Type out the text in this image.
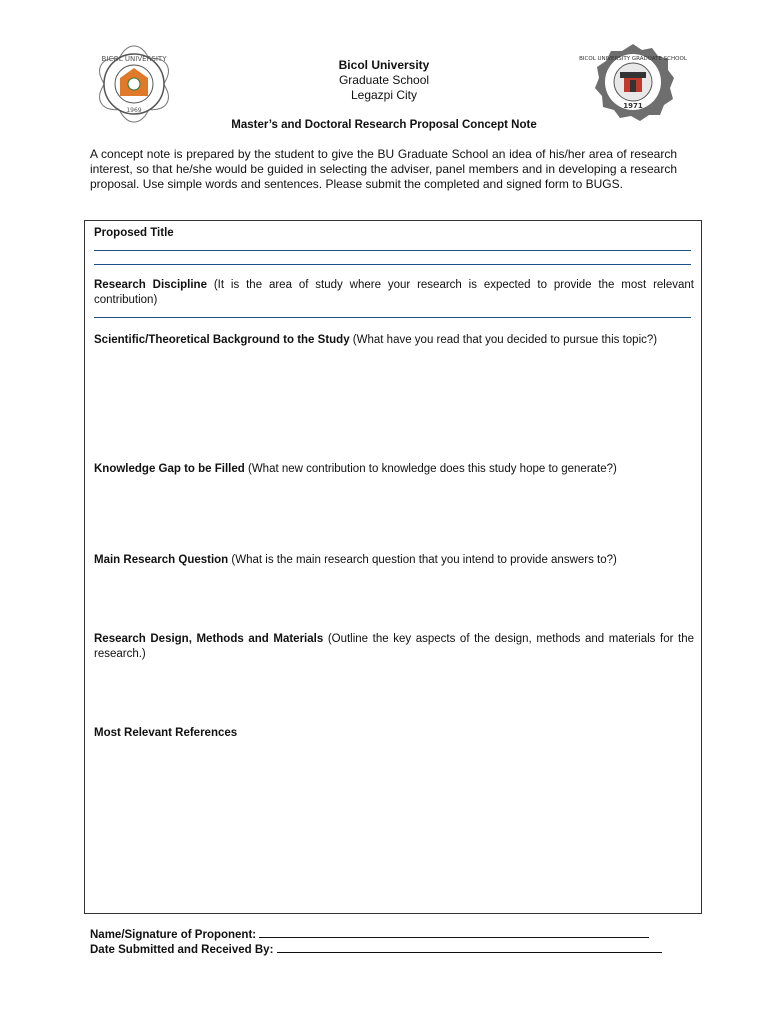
BICOL UNIVERSITY
1969
BICOL UNIVERSITY GRADUATE SCHOOL
1971
Bicol University
Graduate School
Legazpi City
Master’s and Doctoral Research Proposal Concept Note
A concept note is prepared by the student to give the BU Graduate School an idea of his/her area of research interest, so that he/she would be guided in selecting the adviser, panel members and in developing a research proposal. Use simple words and sentences. Please submit the completed and signed form to BUGS.
Proposed Title
Research Discipline (It is the area of study where your research is expected to provide the most relevant contribution)
Scientific/Theoretical Background to the Study (What have you read that you decided to pursue this topic?)
Knowledge Gap to be Filled (What new contribution to knowledge does this study hope to generate?)
Main Research Question (What is the main research question that you intend to provide answers to?)
Research Design, Methods and Materials (Outline the key aspects of the design, methods and materials for the research.)
Most Relevant References
Name/Signature of Proponent:
Date Submitted and Received By:
